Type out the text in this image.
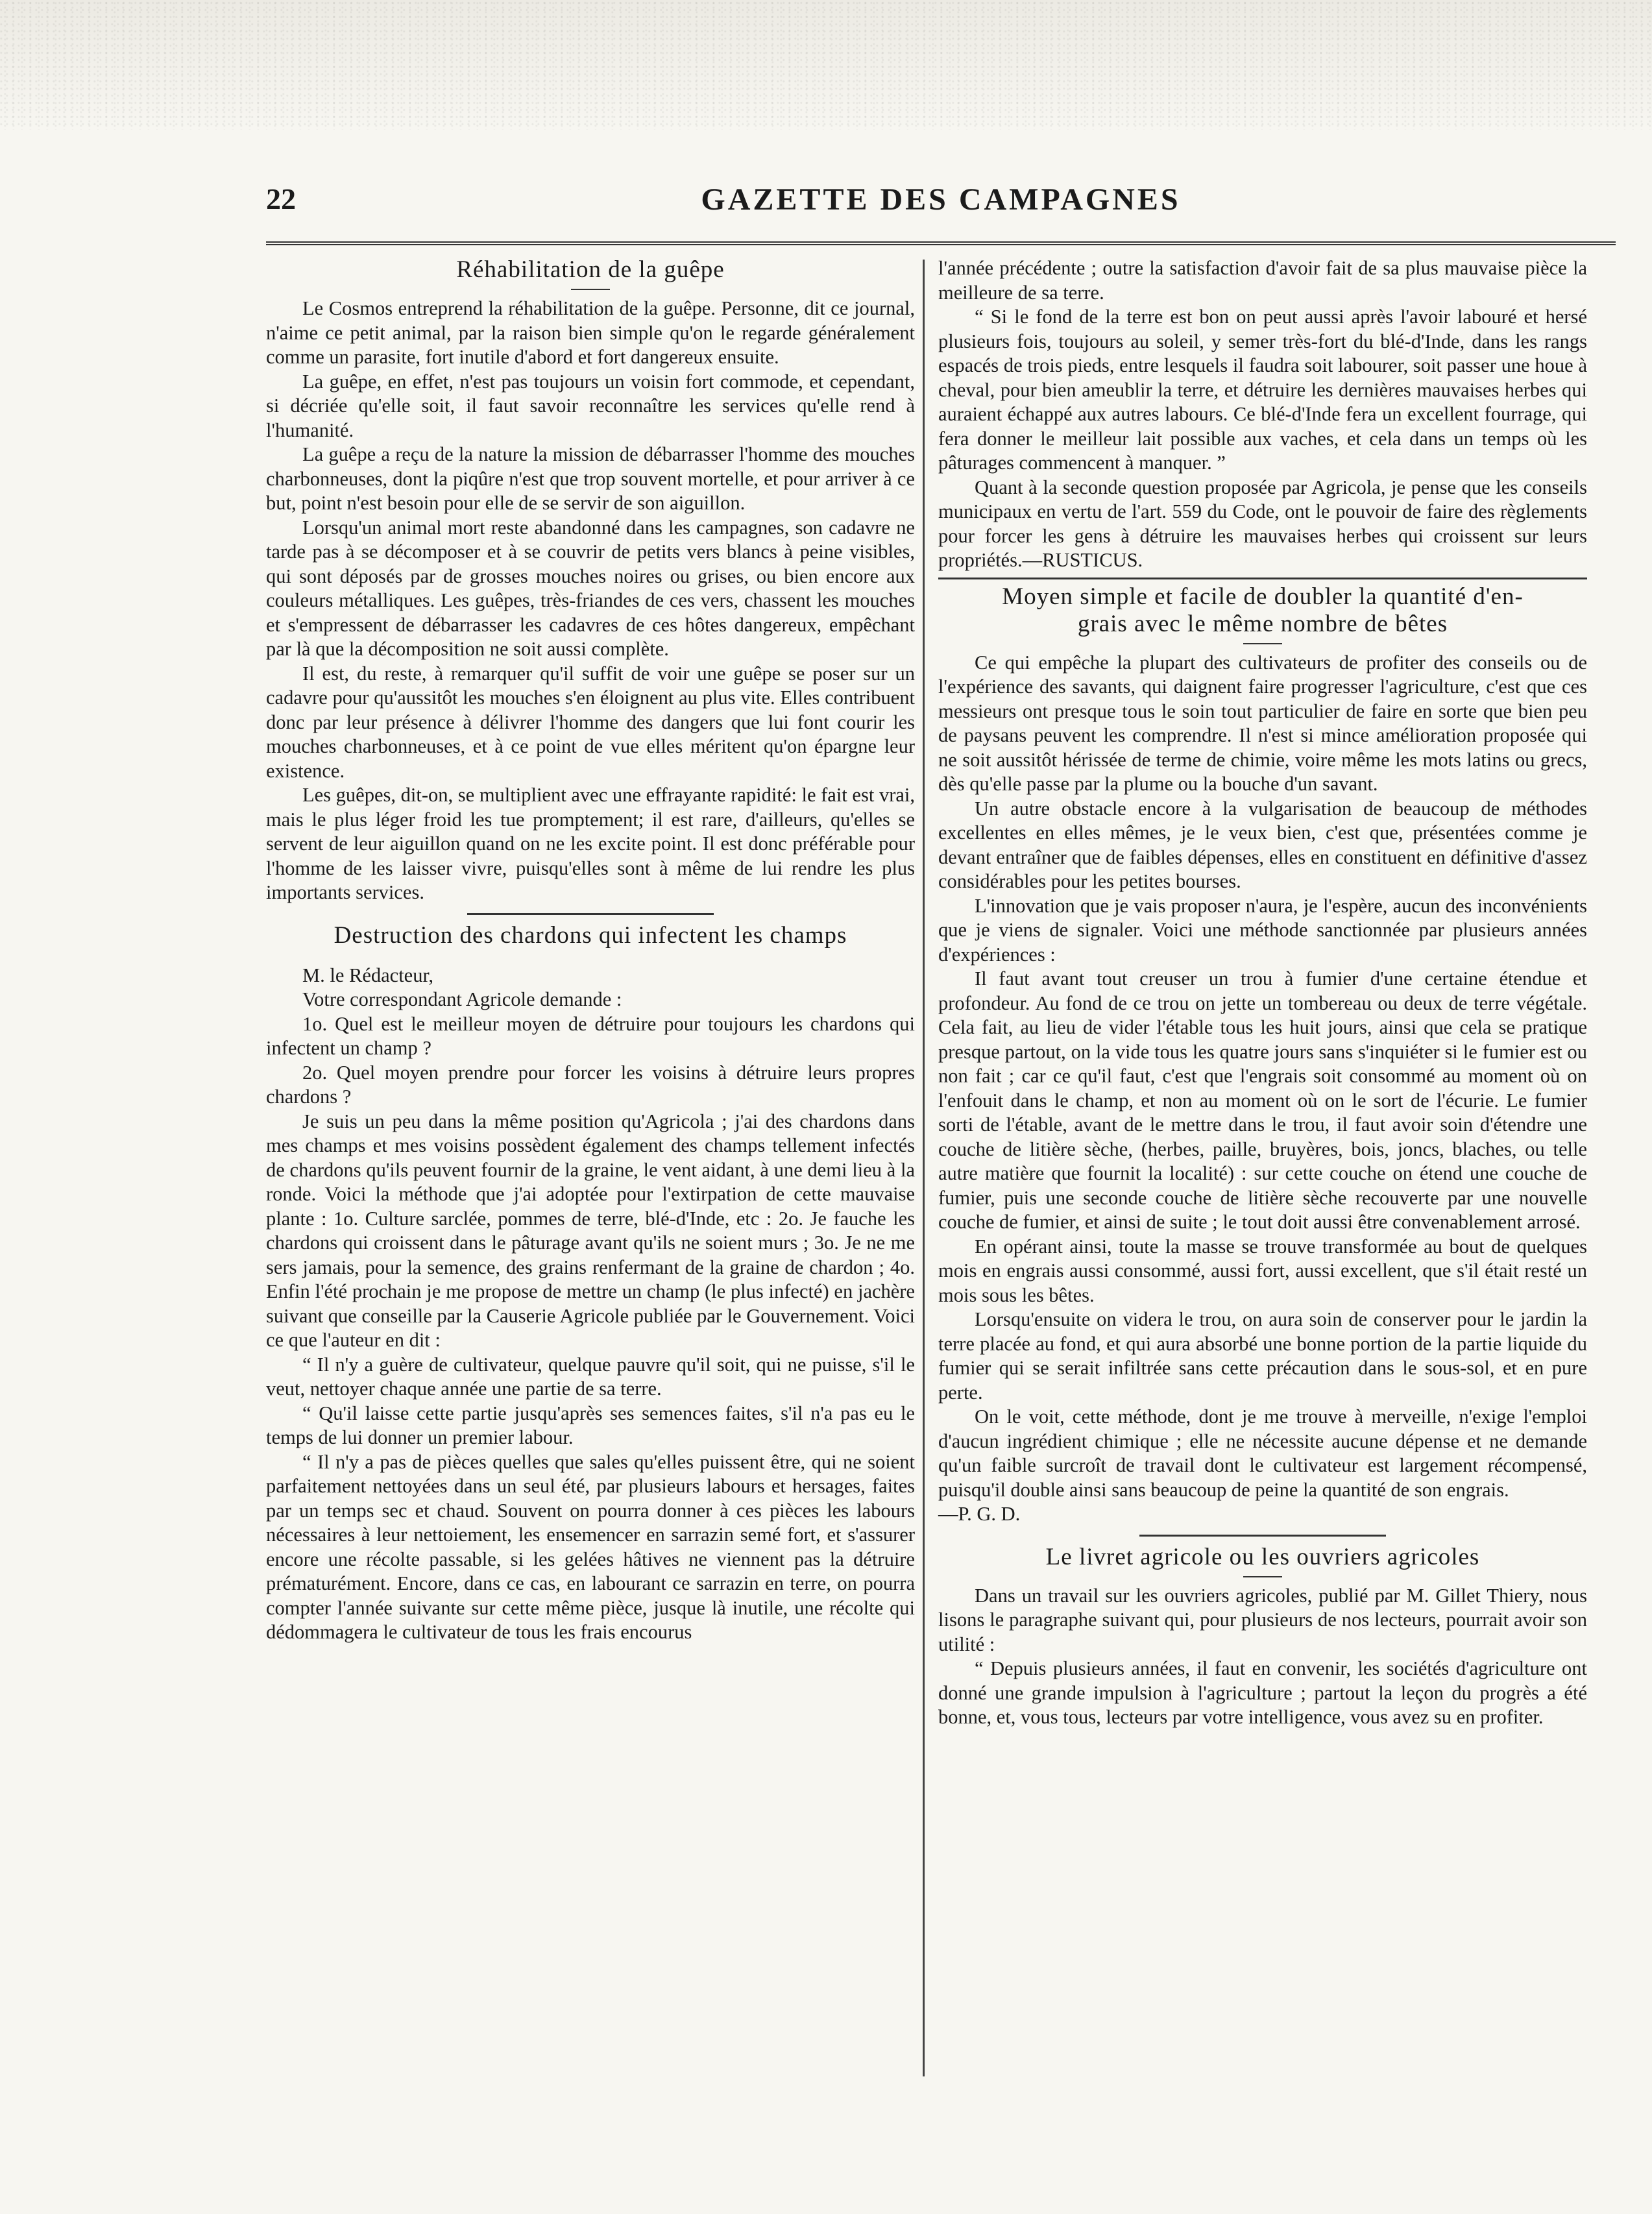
22	GAZETTE DES CAMPAGNES
Réhabilitation de la guêpe

Le Cosmos entreprend la réhabilitation de la guêpe. Personne, dit ce journal, n'aime ce petit animal, par la raison bien simple qu'on le regarde généralement comme un parasite, fort inutile d'abord et fort dangereux ensuite.

La guêpe, en effet, n'est pas toujours un voisin fort commode, et cependant, si décriée qu'elle soit, il faut savoir reconnaître les services qu'elle rend à l'humanité.

La guêpe a reçu de la nature la mission de débarrasser l'homme des mouches charbonneuses, dont la piqûre n'est que trop souvent mortelle, et pour arriver à ce but, point n'est besoin pour elle de se servir de son aiguillon.

Lorsqu'un animal mort reste abandonné dans les campagnes, son cadavre ne tarde pas à se décomposer et à se couvrir de petits vers blancs à peine visibles, qui sont déposés par de grosses mouches noires ou grises, ou bien encore aux couleurs métalliques. Les guêpes, très-friandes de ces vers, chassent les mouches et s'empressent de débarrasser les cadavres de ces hôtes dangereux, empêchant par là que la décomposition ne soit aussi complète.

Il est, du reste, à remarquer qu'il suffit de voir une guêpe se poser sur un cadavre pour qu'aussitôt les mouches s'en éloignent au plus vite. Elles contribuent donc par leur présence à délivrer l'homme des dangers que lui font courir les mouches charbonneuses, et à ce point de vue elles méritent qu'on épargne leur existence.

Les guêpes, dit-on, se multiplient avec une effrayante rapidité: le fait est vrai, mais le plus léger froid les tue promptement; il est rare, d'ailleurs, qu'elles se servent de leur aiguillon quand on ne les excite point. Il est donc préférable pour l'homme de les laisser vivre, puisqu'elles sont à même de lui rendre les plus importants services.

Destruction des chardons qui infectent les champs

M. le Rédacteur,

Votre correspondant Agricole demande :

1o. Quel est le meilleur moyen de détruire pour toujours les chardons qui infectent un champ ?

2o. Quel moyen prendre pour forcer les voisins à détruire leurs propres chardons ?

Je suis un peu dans la même position qu'Agricola ; j'ai des chardons dans mes champs et mes voisins possèdent également des champs tellement infectés de chardons qu'ils peuvent fournir de la graine, le vent aidant, à une demi lieu à la ronde. Voici la méthode que j'ai adoptée pour l'extirpation de cette mauvaise plante : 1o. Culture sarclée, pommes de terre, blé-d'Inde, etc : 2o. Je fauche les chardons qui croissent dans le pâturage avant qu'ils ne soient murs ; 3o. Je ne me sers jamais, pour la semence, des grains renfermant de la graine de chardon ; 4o. Enfin l'été prochain je me propose de mettre un champ (le plus infecté) en jachère suivant que conseille par la Causerie Agricole publiée par le Gouvernement. Voici ce que l'auteur en dit :

“ Il n'y a guère de cultivateur, quelque pauvre qu'il soit, qui ne puisse, s'il le veut, nettoyer chaque année une partie de sa terre.

“ Qu'il laisse cette partie jusqu'après ses semences faites, s'il n'a pas eu le temps de lui donner un premier labour.

“ Il n'y a pas de pièces quelles que sales qu'elles puissent être, qui ne soient parfaitement nettoyées dans un seul été, par plusieurs labours et hersages, faites par un temps sec et chaud. Souvent on pourra donner à ces pièces les labours nécessaires à leur nettoiement, les ensemencer en sarrazin semé fort, et s'assurer encore une récolte passable, si les gelées hâtives ne viennent pas la détruire prématurément. Encore, dans ce cas, en labourant ce sarrazin en terre, on pourra compter l'année suivante sur cette même pièce, jusque là inutile, une récolte qui dédommagera le cultivateur de tous les frais encourus

l'année précédente ; outre la satisfaction d'avoir fait de sa plus mauvaise pièce la meilleure de sa terre.

“ Si le fond de la terre est bon on peut aussi après l'avoir labouré et hersé plusieurs fois, toujours au soleil, y semer très-fort du blé-d'Inde, dans les rangs espacés de trois pieds, entre lesquels il faudra soit labourer, soit passer une houe à cheval, pour bien ameublir la terre, et détruire les dernières mauvaises herbes qui auraient échappé aux autres labours. Ce blé-d'Inde fera un excellent fourrage, qui fera donner le meilleur lait possible aux vaches, et cela dans un temps où les pâturages commencent à manquer. ”

Quant à la seconde question proposée par Agricola, je pense que les conseils municipaux en vertu de l'art. 559 du Code, ont le pouvoir de faire des règlements pour forcer les gens à détruire les mauvaises herbes qui croissent sur leurs propriétés.—RUSTICUS.

Moyen simple et facile de doubler la quantité d'en-
grais avec le même nombre de bêtes

Ce qui empêche la plupart des cultivateurs de profiter des conseils ou de l'expérience des savants, qui daignent faire progresser l'agriculture, c'est que ces messieurs ont presque tous le soin tout particulier de faire en sorte que bien peu de paysans peuvent les comprendre. Il n'est si mince amélioration proposée qui ne soit aussitôt hérissée de terme de chimie, voire même les mots latins ou grecs, dès qu'elle passe par la plume ou la bouche d'un savant.

Un autre obstacle encore à la vulgarisation de beaucoup de méthodes excellentes en elles mêmes, je le veux bien, c'est que, présentées comme je devant entraîner que de faibles dépenses, elles en constituent en définitive d'assez considérables pour les petites bourses.

L'innovation que je vais proposer n'aura, je l'espère, aucun des inconvénients que je viens de signaler. Voici une méthode sanctionnée par plusieurs années d'expériences :

Il faut avant tout creuser un trou à fumier d'une certaine étendue et profondeur. Au fond de ce trou on jette un tombereau ou deux de terre végétale. Cela fait, au lieu de vider l'étable tous les huit jours, ainsi que cela se pratique presque partout, on la vide tous les quatre jours sans s'inquiéter si le fumier est ou non fait ; car ce qu'il faut, c'est que l'engrais soit consommé au moment où on l'enfouit dans le champ, et non au moment où on le sort de l'écurie. Le fumier sorti de l'étable, avant de le mettre dans le trou, il faut avoir soin d'étendre une couche de litière sèche, (herbes, paille, bruyères, bois, joncs, blaches, ou telle autre matière que fournit la localité) : sur cette couche on étend une couche de fumier, puis une seconde couche de litière sèche recouverte par une nouvelle couche de fumier, et ainsi de suite ; le tout doit aussi être convenablement arrosé.

En opérant ainsi, toute la masse se trouve transformée au bout de quelques mois en engrais aussi consommé, aussi fort, aussi excellent, que s'il était resté un mois sous les bêtes.

Lorsqu'ensuite on videra le trou, on aura soin de conserver pour le jardin la terre placée au fond, et qui aura absorbé une bonne portion de la partie liquide du fumier qui se serait infiltrée sans cette précaution dans le sous-sol, et en pure perte.

On le voit, cette méthode, dont je me trouve à merveille, n'exige l'emploi d'aucun ingrédient chimique ; elle ne nécessite aucune dépense et ne demande qu'un faible surcroît de travail dont le cultivateur est largement récompensé, puisqu'il double ainsi sans beaucoup de peine la quantité de son engrais.

—P. G. D.

Le livret agricole ou les ouvriers agricoles

Dans un travail sur les ouvriers agricoles, publié par M. Gillet Thiery, nous lisons le paragraphe suivant qui, pour plusieurs de nos lecteurs, pourrait avoir son utilité :

“ Depuis plusieurs années, il faut en convenir, les sociétés d'agriculture ont donné une grande impulsion à l'agriculture ; partout la leçon du progrès a été bonne, et, vous tous, lecteurs par votre intelligence, vous avez su en profiter.
